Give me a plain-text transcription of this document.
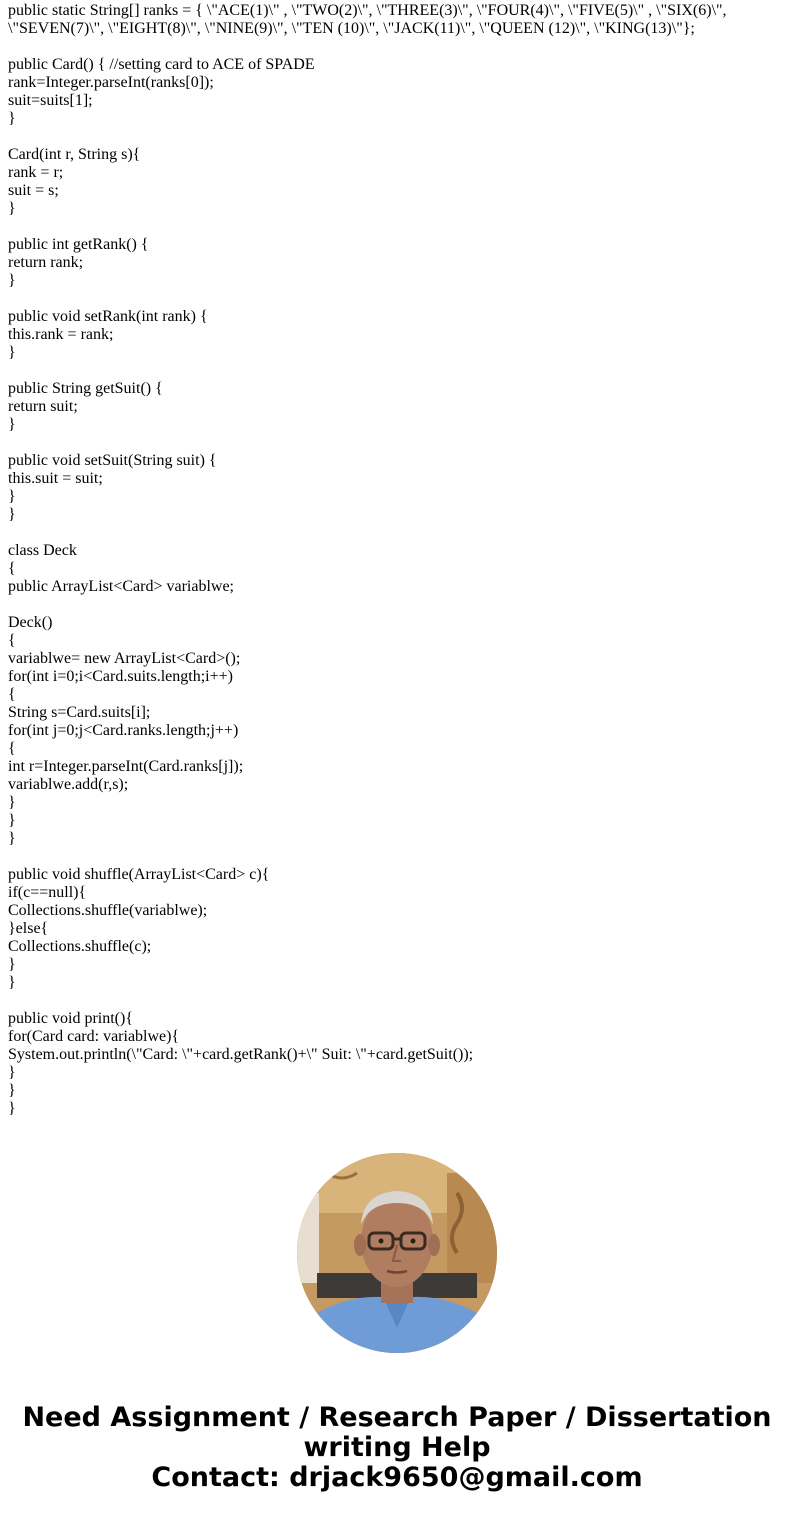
public static String[] ranks = { \"ACE(1)\" , \"TWO(2)\", \"THREE(3)\", \"FOUR(4)\", \"FIVE(5)\" , \"SIX(6)\",
\"SEVEN(7)\", \"EIGHT(8)\", \"NINE(9)\", \"TEN (10)\", \"JACK(11)\", \"QUEEN (12)\", \"KING(13)\"};
public Card() { //setting card to ACE of SPADE
rank=Integer.parseInt(ranks[0]);
suit=suits[1];
}
Card(int r, String s){
rank = r;
suit = s;
}
public int getRank() {
return rank;
}
public void setRank(int rank) {
this.rank = rank;
}
public String getSuit() {
return suit;
}
public void setSuit(String suit) {
this.suit = suit;
}
}
class Deck
{
public ArrayList<Card> variablwe;
Deck()
{
variablwe= new ArrayList<Card>();
for(int i=0;i<Card.suits.length;i++)
{
String s=Card.suits[i];
for(int j=0;j<Card.ranks.length;j++)
{
int r=Integer.parseInt(Card.ranks[j]);
variablwe.add(r,s);
}
}
}
public void shuffle(ArrayList<Card> c){
if(c==null){
Collections.shuffle(variablwe);
}else{
Collections.shuffle(c);
}
}
public void print(){
for(Card card: variablwe){
System.out.println(\"Card: \"+card.getRank()+\" Suit: \"+card.getSuit());
}
}
}
Need Assignment / Research Paper / Dissertation
writing Help
Contact: drjack9650@gmail.com
